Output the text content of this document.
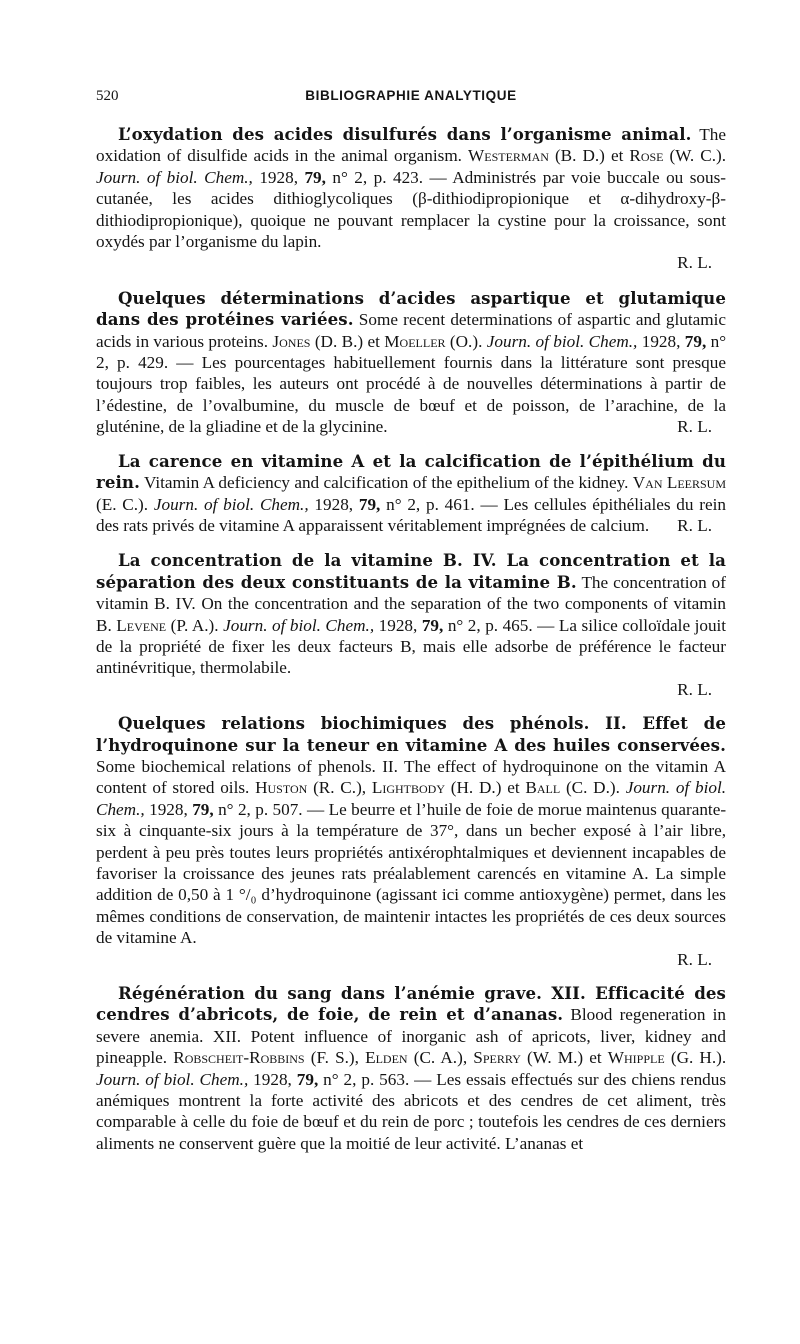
520	BIBLIOGRAPHIE ANALYTIQUE

L’oxydation des acides disulfurés dans l’organisme animal. The oxidation of disulfide acids in the animal organism. Westerman (B. D.) et Rose (W. C.). Journ. of biol. Chem., 1928, 79, n° 2, p. 423. — Administrés par voie buccale ou sous-cutanée, les acides dithioglycoliques (β-dithiodipropionique et α-dihydroxy-β-dithiodipropionique), quoique ne pouvant remplacer la cystine pour la croissance, sont oxydés par l’organisme du lapin.
R. L.

Quelques déterminations d’acides aspartique et glutamique dans des protéines variées. Some recent determinations of aspartic and glutamic acids in various proteins. Jones (D. B.) et Moeller (O.). Journ. of biol. Chem., 1928, 79, n° 2, p. 429. — Les pourcentages habituellement fournis dans la littérature sont presque toujours trop faibles, les auteurs ont procédé à de nouvelles déterminations à partir de l’édestine, de l’ovalbumine, du muscle de bœuf et de poisson, de l’arachine, de la gluténine, de la gliadine et de la glycinine.	R. L.

La carence en vitamine A et la calcification de l’épithélium du rein. Vitamin A deficiency and calcification of the epithelium of the kidney. Van Leersum (E. C.). Journ. of biol. Chem., 1928, 79, n° 2, p. 461. — Les cellules épithéliales du rein des rats privés de vitamine A apparaissent véritablement imprégnées de calcium. R. L.

La concentration de la vitamine B. IV. La concentration et la séparation des deux constituants de la vitamine B. The concentration of vitamin B. IV. On the concentration and the separation of the two components of vitamin B. Levene (P. A.). Journ. of biol. Chem., 1928, 79, n° 2, p. 465. — La silice colloïdale jouit de la propriété de fixer les deux facteurs B, mais elle adsorbe de préférence le facteur antinévritique, thermolabile.
R. L.

Quelques relations biochimiques des phénols. II. Effet de l’hydroquinone sur la teneur en vitamine A des huiles conservées. Some biochemical relations of phenols. II. The effect of hydroquinone on the vitamin A content of stored oils. Huston (R. C.), Lightbody (H. D.) et Ball (C. D.). Journ. of biol. Chem., 1928, 79, n° 2, p. 507. — Le beurre et l’huile de foie de morue maintenus quarante-six à cinquante-six jours à la température de 37°, dans un becher exposé à l’air libre, perdent à peu près toutes leurs propriétés antixérophtalmiques et deviennent incapables de favoriser la croissance des jeunes rats préalablement carencés en vitamine A. La simple addition de 0,50 à 1 °/₀ d’hydroquinone (agissant ici comme antioxygène) permet, dans les mêmes conditions de conservation, de maintenir intactes les propriétés de ces deux sources de vitamine A.
R. L.

Régénération du sang dans l’anémie grave. XII. Efficacité des cendres d’abricots, de foie, de rein et d’ananas. Blood regeneration in severe anemia. XII. Potent influence of inorganic ash of apricots, liver, kidney and pineapple. Robscheit-Robbins (F. S.), Elden (C. A.), Sperry (W. M.) et Whipple (G. H.). Journ. of biol. Chem., 1928, 79, n° 2, p. 563. — Les essais effectués sur des chiens rendus anémiques montrent la forte activité des abricots et des cendres de cet aliment, très comparable à celle du foie de bœuf et du rein de porc ; toutefois les cendres de ces derniers aliments ne conservent guère que la moitié de leur activité. L’ananas et
